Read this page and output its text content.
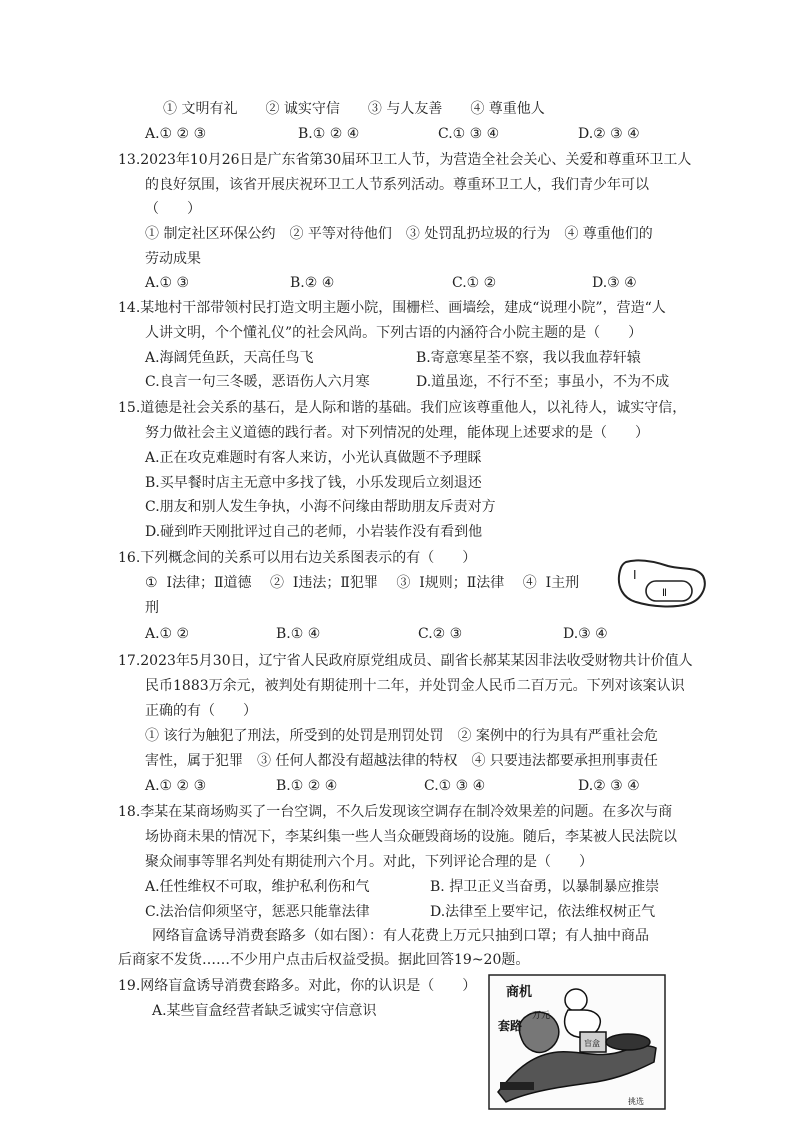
① 文明有礼　　② 诚实守信　　③ 与人友善　　④ 尊重他人
A.① ② ③	B.① ② ④	C.① ③ ④	D.② ③ ④
13.2023年10月26日是广东省第30届环卫工人节，为营造全社会关心、关爱和尊重环卫工人
的良好氛围，该省开展庆祝环卫工人节系列活动。尊重环卫工人，我们青少年可以
（　　）
① 制定社区环保公约　② 平等对待他们　③ 处罚乱扔垃圾的行为　④ 尊重他们的
劳动成果
A.① ③	B.② ④	C.① ②	D.③ ④
14.某地村干部带领村民打造文明主题小院，围栅栏、画墙绘，建成“说理小院”，营造“人
人讲文明，个个懂礼仪”的社会风尚。下列古语的内涵符合小院主题的是（　　）
A.海阔凭鱼跃，天高任鸟飞	B.寄意寒星荃不察，我以我血荐轩辕
C.良言一句三冬暖，恶语伤人六月寒	D.道虽迩，不行不至；事虽小，不为不成
15.道德是社会关系的基石，是人际和谐的基础。我们应该尊重他人，以礼待人，诚实守信，
努力做社会主义道德的践行者。对下列情况的处理，能体现上述要求的是（　　）
A.正在攻克难题时有客人来访，小光认真做题不予理睬
B.买早餐时店主无意中多找了钱，小乐发现后立刻退还
C.朋友和别人发生争执，小海不问缘由帮助朋友斥责对方
D.碰到昨天刚批评过自己的老师，小岩装作没有看到他
16.下列概念间的关系可以用右边关系图表示的有（　　）
①  Ⅰ法律；Ⅱ道德　 ②  Ⅰ违法；Ⅱ犯罪　 ③  Ⅰ规则；Ⅱ法律　 ④  Ⅰ主刑
刑
A.① ②	B.① ④	C.② ③	D.③ ④
Ⅰ
Ⅱ
17.2023年5月30日，辽宁省人民政府原党组成员、副省长郝某某因非法收受财物共计价值人
民币1883万余元，被判处有期徒刑十二年，并处罚金人民币二百万元。下列对该案认识
正确的有（　　）
① 该行为触犯了刑法，所受到的处罚是刑罚处罚　② 案例中的行为具有严重社会危
害性，属于犯罪　③ 任何人都没有超越法律的特权　④ 只要违法都要承担刑事责任
A.① ② ③	B.① ② ④	C.① ③ ④	D.② ③ ④
18.李某在某商场购买了一台空调，不久后发现该空调存在制冷效果差的问题。在多次与商
场协商未果的情况下，李某纠集一些人当众砸毁商场的设施。随后，李某被人民法院以
聚众闹事等罪名判处有期徒刑六个月。对此，下列评论合理的是（　　）
A.任性维权不可取，维护私利伤和气	B. 捍卫正义当奋勇，以暴制暴应推崇
C.法治信仰须坚守，惩恶只能靠法律	D.法律至上要牢记，依法维权树正气
网络盲盒诱导消费套路多（如右图）：有人花费上万元只抽到口罩；有人抽中商品
后商家不发货……不少用户点击后权益受损。据此回答19~20题。
19.网络盲盒诱导消费套路多。对此，你的认识是（　　）
A.某些盲盒经营者缺乏诚实守信意识
盲盒
商机
套路
万元
挑选
